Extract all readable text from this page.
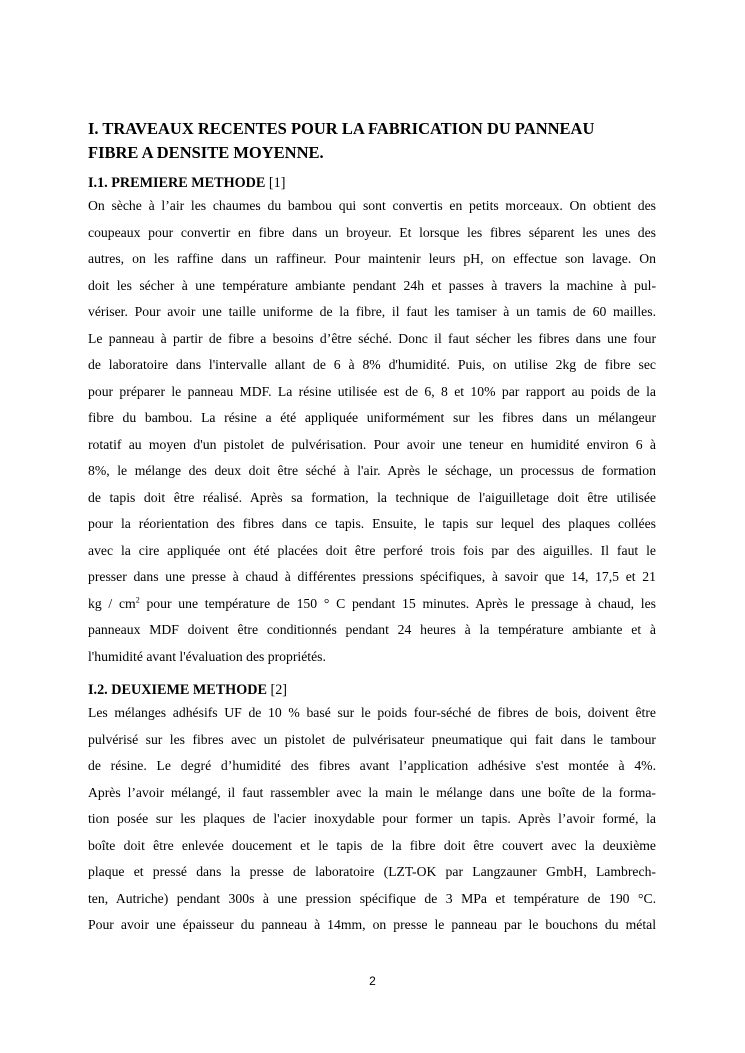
I. TRAVEAUX RECENTES POUR LA FABRICATION DU PANNEAU
FIBRE A DENSITE MOYENNE.
I.1. PREMIERE METHODE [1]
On sèche à l’air les chaumes du bambou qui sont convertis en petits morceaux. On obtient des
coupeaux pour convertir en fibre dans un broyeur. Et lorsque les fibres séparent les unes des
autres, on les raffine dans un raffineur. Pour maintenir leurs pH, on effectue son lavage. On
doit les sécher à une température ambiante pendant 24h et passes à travers la machine à pul-
vériser. Pour avoir une taille uniforme de la fibre, il faut les tamiser à un tamis de 60 mailles.
Le panneau à partir de fibre a besoins d’être séché. Donc il faut sécher les fibres dans une four
de laboratoire dans l'intervalle allant de 6 à 8% d'humidité. Puis, on utilise 2kg de fibre sec
pour préparer le panneau MDF. La résine utilisée est de 6, 8 et 10% par rapport au poids de la
fibre du bambou. La résine a été appliquée uniformément sur les fibres dans un mélangeur
rotatif au moyen d'un pistolet de pulvérisation. Pour avoir une teneur en humidité environ 6 à
8%, le mélange des deux doit être séché à l'air. Après le séchage, un processus de formation
de tapis doit être réalisé. Après sa formation, la technique de l'aiguilletage doit être utilisée
pour la réorientation des fibres dans ce tapis. Ensuite, le tapis sur lequel des plaques collées
avec la cire appliquée ont été placées doit être perforé trois fois par des aiguilles. Il faut le
presser dans une presse à chaud à différentes pressions spécifiques, à savoir que 14, 17,5 et 21
kg / $cm^2$ pour une température de 150 ° C pendant 15 minutes. Après le pressage à chaud, les
panneaux MDF doivent être conditionnés pendant 24 heures à la température ambiante et à
l'humidité avant l'évaluation des propriétés.
I.2. DEUXIEME METHODE [2]
Les mélanges adhésifs UF de 10 % basé sur le poids four-séché de fibres de bois, doivent être
pulvérisé sur les fibres avec un pistolet de pulvérisateur pneumatique qui fait dans le tambour
de résine. Le degré d’humidité des fibres avant l’application adhésive s'est montée à 4%.
Après l’avoir mélangé, il faut rassembler avec la main le mélange dans une boîte de la forma-
tion posée sur les plaques de l'acier inoxydable pour former un tapis. Après l’avoir formé, la
boîte doit être enlevée doucement et le tapis de la fibre doit être couvert avec la deuxième
plaque et pressé dans la presse de laboratoire (LZT-OK par Langzauner GmbH, Lambrech-
ten, Autriche) pendant 300s à une pression spécifique de 3 MPa et température de 190 °C.
Pour avoir une épaisseur du panneau à 14mm, on presse le panneau par le bouchons du métal
2
